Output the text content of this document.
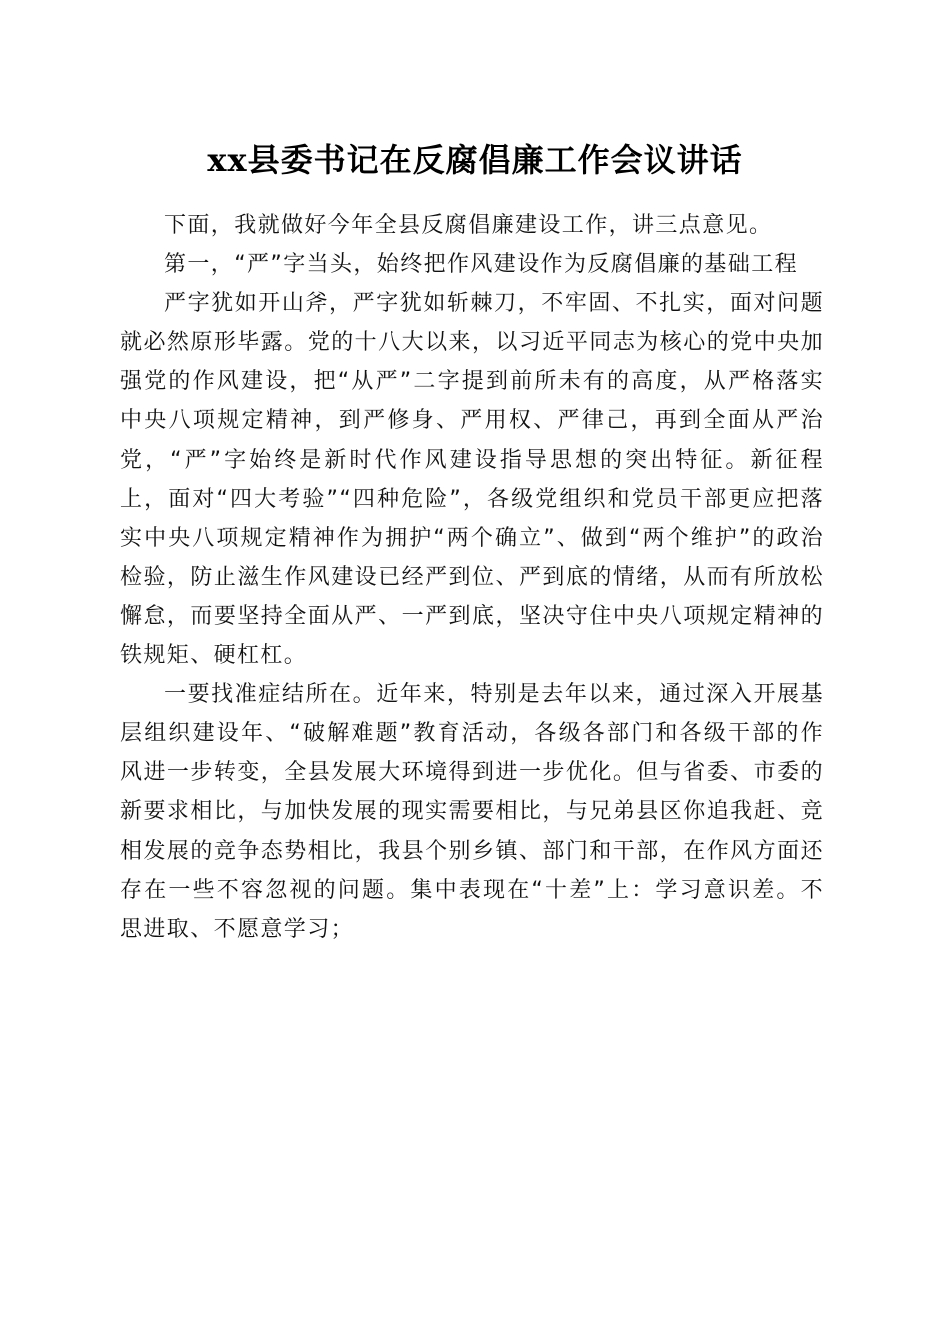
xx县委书记在反腐倡廉工作会议讲话

下面，我就做好今年全县反腐倡廉建设工作，讲三点意见。

第一，“严”字当头，始终把作风建设作为反腐倡廉的基础工程

严字犹如开山斧，严字犹如斩棘刀，不牢固、不扎实，面对问题就必然原形毕露。党的十八大以来，以习近平同志为核心的党中央加强党的作风建设，把“从严”二字提到前所未有的高度，从严格落实中央八项规定精神，到严修身、严用权、严律己，再到全面从严治党，“严”字始终是新时代作风建设指导思想的突出特征。新征程上，面对“四大考验”“四种危险”，各级党组织和党员干部更应把落实中央八项规定精神作为拥护“两个确立”、做到“两个维护”的政治检验，防止滋生作风建设已经严到位、严到底的情绪，从而有所放松懈怠，而要坚持全面从严、一严到底，坚决守住中央八项规定精神的铁规矩、硬杠杠。

一要找准症结所在。近年来，特别是去年以来，通过深入开展基层组织建设年、“破解难题”教育活动，各级各部门和各级干部的作风进一步转变，全县发展大环境得到进一步优化。但与省委、市委的新要求相比，与加快发展的现实需要相比，与兄弟县区你追我赶、竞相发展的竞争态势相比，我县个别乡镇、部门和干部，在作风方面还存在一些不容忽视的问题。集中表现在“十差”上：学习意识差。不思进取、不愿意学习；
